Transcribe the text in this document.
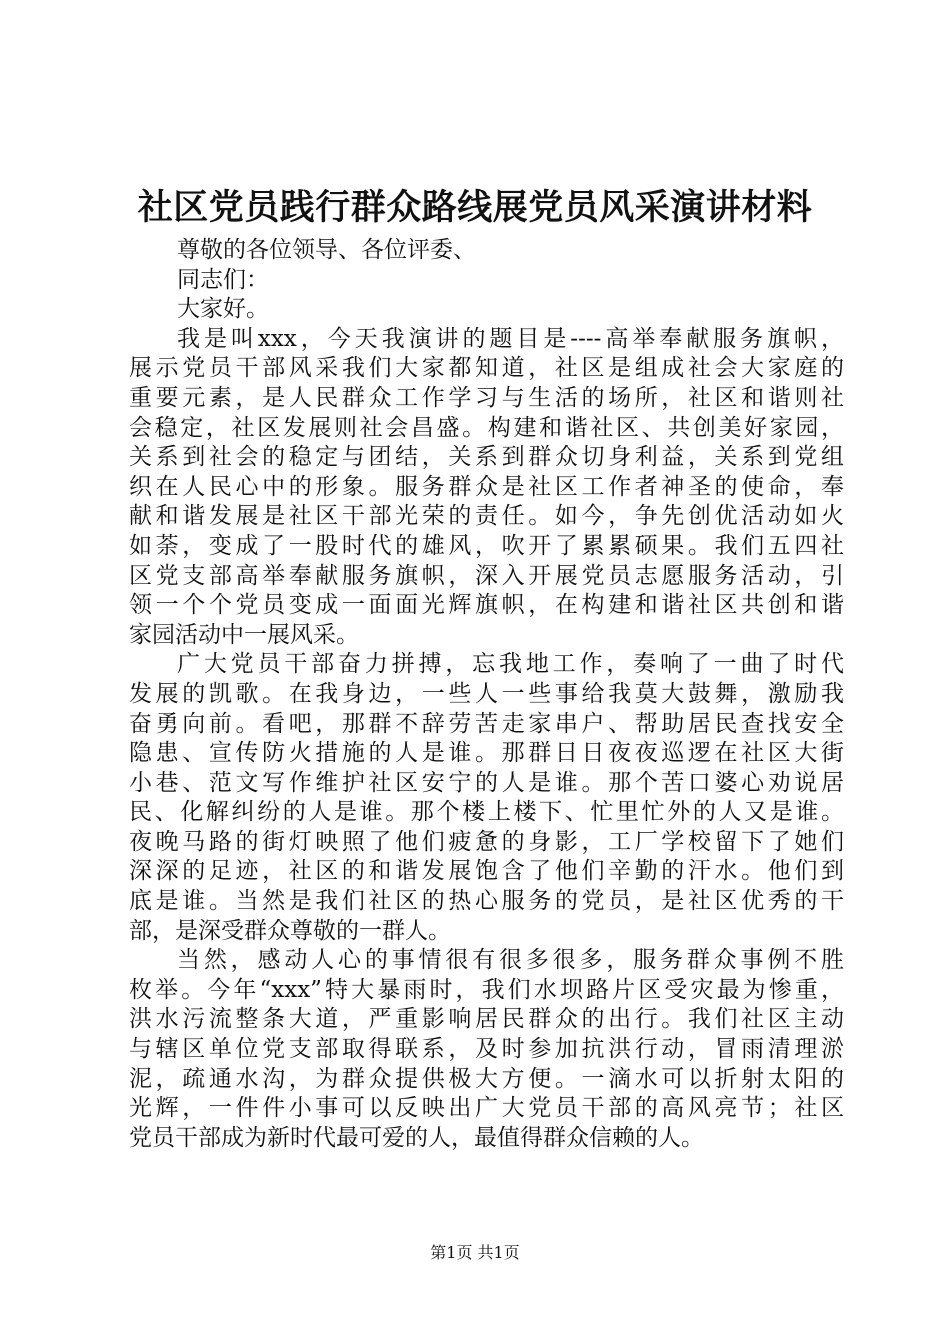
社区党员践行群众路线展党员风采演讲材料

尊敬的各位领导、各位评委、

同志们：

大家好。

我是叫xxx，今天我演讲的题目是----高举奉献服务旗帜，

展示党员干部风采我们大家都知道，社区是组成社会大家庭的

重要元素，是人民群众工作学习与生活的场所，社区和谐则社

会稳定，社区发展则社会昌盛。构建和谐社区、共创美好家园，

关系到社会的稳定与团结，关系到群众切身利益，关系到党组

织在人民心中的形象。服务群众是社区工作者神圣的使命，奉

献和谐发展是社区干部光荣的责任。如今，争先创优活动如火

如荼，变成了一股时代的雄风，吹开了累累硕果。我们五四社

区党支部高举奉献服务旗帜，深入开展党员志愿服务活动，引

领一个个党员变成一面面光辉旗帜，在构建和谐社区共创和谐

家园活动中一展风采。

广大党员干部奋力拼搏，忘我地工作，奏响了一曲了时代

发展的凯歌。在我身边，一些人一些事给我莫大鼓舞，激励我

奋勇向前。看吧，那群不辞劳苦走家串户、帮助居民查找安全

隐患、宣传防火措施的人是谁。那群日日夜夜巡逻在社区大街

小巷、范文写作维护社区安宁的人是谁。那个苦口婆心劝说居

民、化解纠纷的人是谁。那个楼上楼下、忙里忙外的人又是谁。

夜晚马路的街灯映照了他们疲惫的身影，工厂学校留下了她们

深深的足迹，社区的和谐发展饱含了他们辛勤的汗水。他们到

底是谁。当然是我们社区的热心服务的党员，是社区优秀的干

部，是深受群众尊敬的一群人。

当然，感动人心的事情很有很多很多，服务群众事例不胜

枚举。今年“xxx”特大暴雨时，我们水坝路片区受灾最为惨重，

洪水污流整条大道，严重影响居民群众的出行。我们社区主动

与辖区单位党支部取得联系，及时参加抗洪行动，冒雨清理淤

泥，疏通水沟，为群众提供极大方便。一滴水可以折射太阳的

光辉，一件件小事可以反映出广大党员干部的高风亮节；社区

党员干部成为新时代最可爱的人，最值得群众信赖的人。

第1页 共1页
